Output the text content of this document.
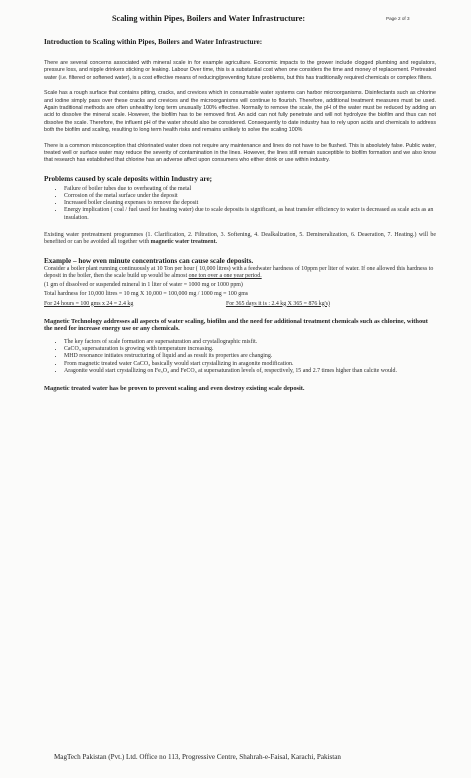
Scaling within Pipes, Boilers and Water Infrastructure:	Page 2 of 3
Introduction to Scaling within Pipes, Boilers and Water Infrastructure:

There are several concerns associated with mineral scale in for example agriculture. Economic impacts to the grower include clogged plumbing and regulators, pressure loss, and nipple drinkers sticking or leaking. Labour Over time, this is a substantial cost when one considers the time and money of replacement. Pretreated water (i.e. filtered or softened water), is a cost effective means of reducing/preventing future problems, but this has traditionally required chemicals or complex filters.

Scale has a rough surface that contains pitting, cracks, and crevices which in consumable water systems can harbor microorganisms. Disinfectants such as chlorine and iodine simply pass over these cracks and crevices and the microorganisms will continue to flourish. Therefore, additional treatment measures must be used. Again traditional methods are often unhealthy long term unusually 100% effective. Normally to remove the scale, the pH of the water must be reduced by adding an acid to dissolve the mineral scale. However, the biofilm has to be removed first. An acid can not fully penetrate and will not hydrolyze the biofilm and thus can not dissolve the scale. Therefore, the influent pH of the water should also be considered. Consequently to date industry has to rely upon acids and chemicals to address both the biofilm and scaling, resulting to long term health risks and remains unlikely to solve the scaling 100%

There is a common misconception that chlorinated water does not require any maintenance and lines do not have to be flushed. This is absolutely false. Public water, treated well or surface water may reduce the severity of contamination in the lines. However, the lines still remain susceptible to biofilm formation and we also know that research has established that chlorine has an adverse affect upon consumers who either drink or use within industry.

Problems caused by scale deposits within Industry are;
• Failure of boiler tubes due to overheating of the metal
• Corrosion of the metal surface under the deposit
• Increased boiler cleaning expenses to remove the deposit
• Energy implication ( coal / fuel used for heating water) due to scale deposits is significant, as heat transfer efficiency to water is decreased as scale acts as an insulation.

Existing water pretreatment programmes (1. Clarification, 2. Filtration, 3. Softening, 4. Dealkalization, 5. Demineralization, 6. Deaeration, 7. Heating.) will be benefited or can be avoided all together with magnetic water treatment.

Example – how even minute concentrations can cause scale deposits.

Consider a boiler plant running continuously at 10 Ton per hour ( 10,000 litres) with a feedwater hardness of 10ppm per liter of water. If one allowed this hardness to deposit in the boiler, then the scale build up would be almost one ton over a one year period.

(1 gm of dissolved or suspended mineral in 1 liter of water = 1000 mg or 1000 ppm)

Total hardness for 10,000 litres = 10 mg X 10,000 = 100,000 mg / 1000 mg = 100 gms

For 24 hours = 100 gms x 24 = 2.4 kg	For 365 days it is : 2.4 kg X 365 = 876 kg's)

Magnetic Technology addresses all aspects of water scaling, biofilm and the need for additional treatment chemicals such as chlorine, without the need for increase energy use or any chemicals.

• The key factors of scale formation are supersaturation and crystallographic misfit.
• CaCO₃ supersaturation is growing with temperature increasing.
• MHD resonance initiates restructuring of liquid and as result its properties are changing.
• From magnetic treated water CaCO₃ basically would start crystallizing in aragonite modification.
• Aragonite would start crystallizing on Fe₃O₄ and FeCO₃ at supersaturation levels of, respectively, 15 and 2.7 times higher than calcite would.

Magnetic treated water has be proven to prevent scaling and even destroy existing scale deposit.

MagTech Pakistan (Pvt.) Ltd. Office no 113, Progressive Centre, Shahrah-e-Faisal, Karachi, Pakistan
